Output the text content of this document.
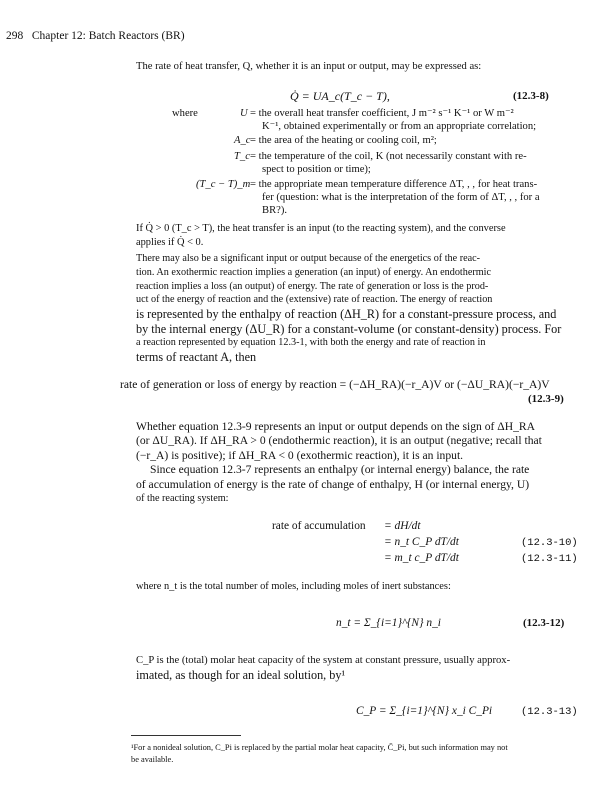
298 Chapter 12: Batch Reactors (BR)
The rate of heat transfer, Q, whether it is an input or output, may be expressed as:
Q̇ = UA_c(T_c − T),	(12.3-8)
where	U = the overall heat transfer coefficient, J m⁻² s⁻¹ K⁻¹ or W m⁻²
K⁻¹, obtained experimentally or from an appropriate correlation;
A_c = the area of the heating or cooling coil, m²;
T_c = the temperature of the coil, K (not necessarily constant with re-
spect to position or time);
(T_c − T)_m = the appropriate mean temperature difference ΔT, , , for heat trans-
fer (question: what is the interpretation of the form of ΔT, , , for a
BR?).
If Q̇ > 0 (T_c > T), the heat transfer is an input (to the reacting system), and the converse
applies if Q̇ < 0.
There may also be a significant input or output because of the energetics of the reac-
tion. An exothermic reaction implies a generation (an input) of energy. An endothermic
reaction implies a loss (an output) of energy. The rate of generation or loss is the prod-
uct of the energy of reaction and the (extensive) rate of reaction. The energy of reaction
is represented by the enthalpy of reaction (ΔH_R) for a constant-pressure process, and
by the internal energy (ΔU_R) for a constant-volume (or constant-density) process. For
a reaction represented by equation 12.3-1, with both the energy and rate of reaction in
terms of reactant A, then
rate of generation or loss of energy by reaction = (−ΔH_RA)(−r_A)V or (−ΔU_RA)(−r_A)V
(12.3-9)
Whether equation 12.3-9 represents an input or output depends on the sign of ΔH_RA
(or ΔU_RA). If ΔH_RA > 0 (endothermic reaction), it is an output (negative; recall that
(−r_A) is positive); if ΔH_RA < 0 (exothermic reaction), it is an input.
Since equation 12.3-7 represents an enthalpy (or internal energy) balance, the rate
of accumulation of energy is the rate of change of enthalpy, H (or internal energy, U)
of the reacting system:
rate of accumulation = dH/dt
= n_t C_P dT/dt	(12.3-10)
= m_t c_P dT/dt	(12.3-11)
where n_t is the total number of moles, including moles of inert substances:
n_t = Σ_{i=1}^{N} n_i	(12.3-12)
C_P is the (total) molar heat capacity of the system at constant pressure, usually approx-
imated, as though for an ideal solution, by¹
C_P = Σ_{i=1}^{N} x_i C_Pi	(12.3-13)
¹For a nonideal solution, C_Pi is replaced by the partial molar heat capacity, C̄_Pi, but such information may not
be available.
